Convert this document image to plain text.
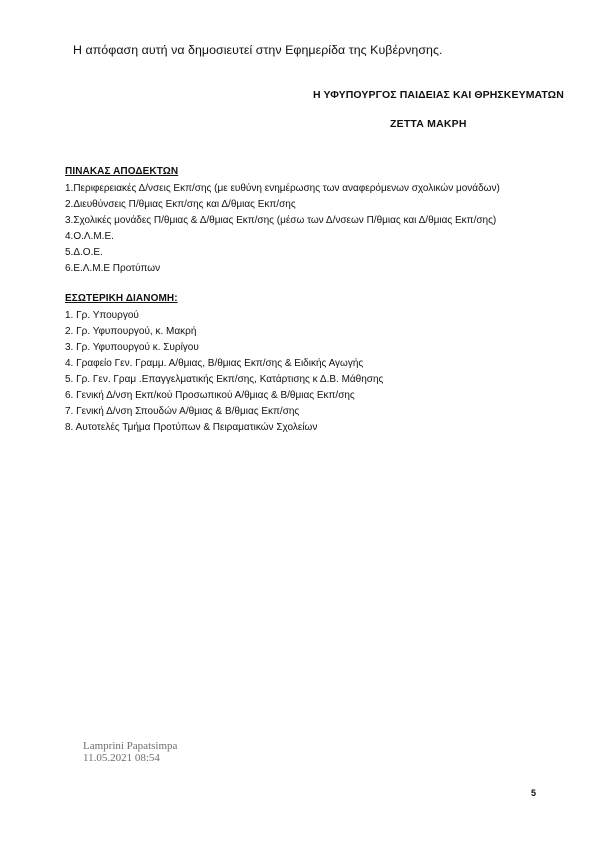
Η απόφαση αυτή να δημοσιευτεί στην Εφημερίδα της Κυβέρνησης.
Η ΥΦΥΠΟΥΡΓΟΣ ΠΑΙΔΕΙΑΣ ΚΑΙ ΘΡΗΣΚΕΥΜΑΤΩΝ
ΖΕΤΤΑ ΜΑΚΡΗ
ΠΙΝΑΚΑΣ ΑΠΟΔΕΚΤΩΝ
1.Περιφερειακές Δ/νσεις Εκπ/σης (με ευθύνη ενημέρωσης των αναφερόμενων σχολικών μονάδων)
2.Διευθύνσεις Π/θμιας Εκπ/σης και Δ/θμιας Εκπ/σης
3.Σχολικές μονάδες Π/θμιας & Δ/θμιας Εκπ/σης (μέσω των Δ/νσεων Π/θμιας και Δ/θμιας Εκπ/σης)
4.Ο.Λ.Μ.Ε.
5.Δ.Ο.Ε.
6.Ε.Λ.Μ.Ε Προτύπων
ΕΣΩΤΕΡΙΚΗ ΔΙΑΝΟΜΗ:
1. Γρ. Υπουργού
2. Γρ. Υφυπουργού, κ. Μακρή
3. Γρ. Υφυπουργού κ. Συρίγου
4. Γραφείο Γεν. Γραμμ. Α/θμιας, Β/θμιας Εκπ/σης & Ειδικής Αγωγής
5. Γρ. Γεν. Γραμ .Επαγγελματικής Εκπ/σης, Κατάρτισης κ Δ.Β. Μάθησης
6. Γενική Δ/νση Εκπ/κού Προσωπικού Α/θμιας & Β/θμιας Εκπ/σης
7. Γενική Δ/νση Σπουδών Α/θμιας & Β/θμιας Εκπ/σης
8. Αυτοτελές Τμήμα Προτύπων & Πειραματικών Σχολείων
Lamprini Papatsimpa
11.05.2021 08:54
5
